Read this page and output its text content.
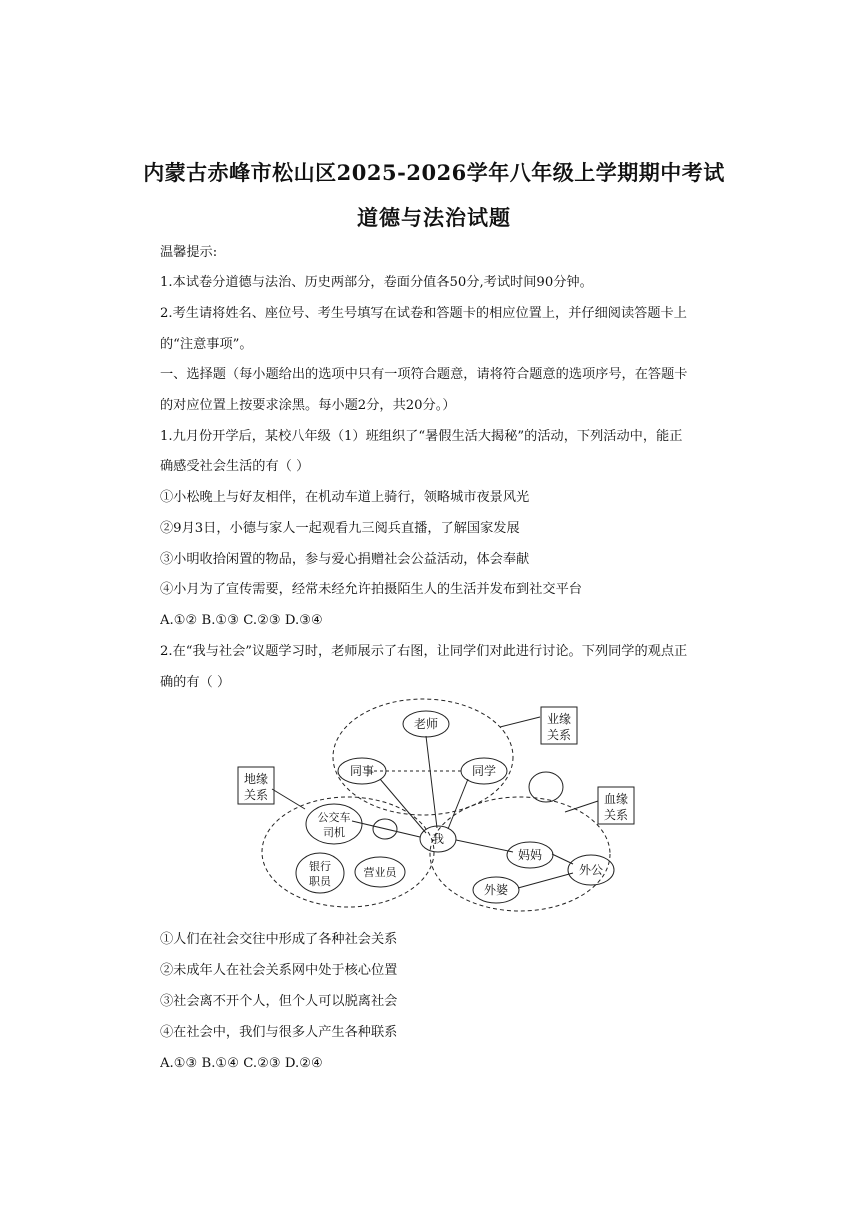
内蒙古赤峰市松山区2025-2026学年八年级上学期期中考试
道德与法治试题
温馨提示:
1.本试卷分道德与法治、历史两部分，卷面分值各50分,考试时间90分钟。
2.考生请将姓名、座位号、考生号填写在试卷和答题卡的相应位置上，并仔细阅读答题卡上
的“注意事项”。
一、选择题（每小题给出的选项中只有一项符合题意，请将符合题意的选项序号，在答题卡
的对应位置上按要求涂黑。每小题2分，共20分。）
1.九月份开学后，某校八年级（1）班组织了“暑假生活大揭秘”的活动，下列活动中，能正
确感受社会生活的有（ ）
①小松晚上与好友相伴，在机动车道上骑行，领略城市夜景风光
②9月3日，小德与家人一起观看九三阅兵直播，了解国家发展
③小明收拾闲置的物品，参与爱心捐赠社会公益活动，体会奉献
④小月为了宣传需要，经常未经允许拍摄陌生人的生活并发布到社交平台
A.①② B.①③ C.②③ D.③④
2.在“我与社会”议题学习时，老师展示了右图，让同学们对此进行讨论。下列同学的观点正
确的有（ ）
业缘
关系
地缘
关系	血缘
关系
老师
同事	同学
我
公交车
司机
银行
职员
营业员
妈妈
外公
外婆
①人们在社会交往中形成了各种社会关系
②未成年人在社会关系网中处于核心位置
③社会离不开个人，但个人可以脱离社会
④在社会中，我们与很多人产生各种联系
A.①③ B.①④ C.②③ D.②④
